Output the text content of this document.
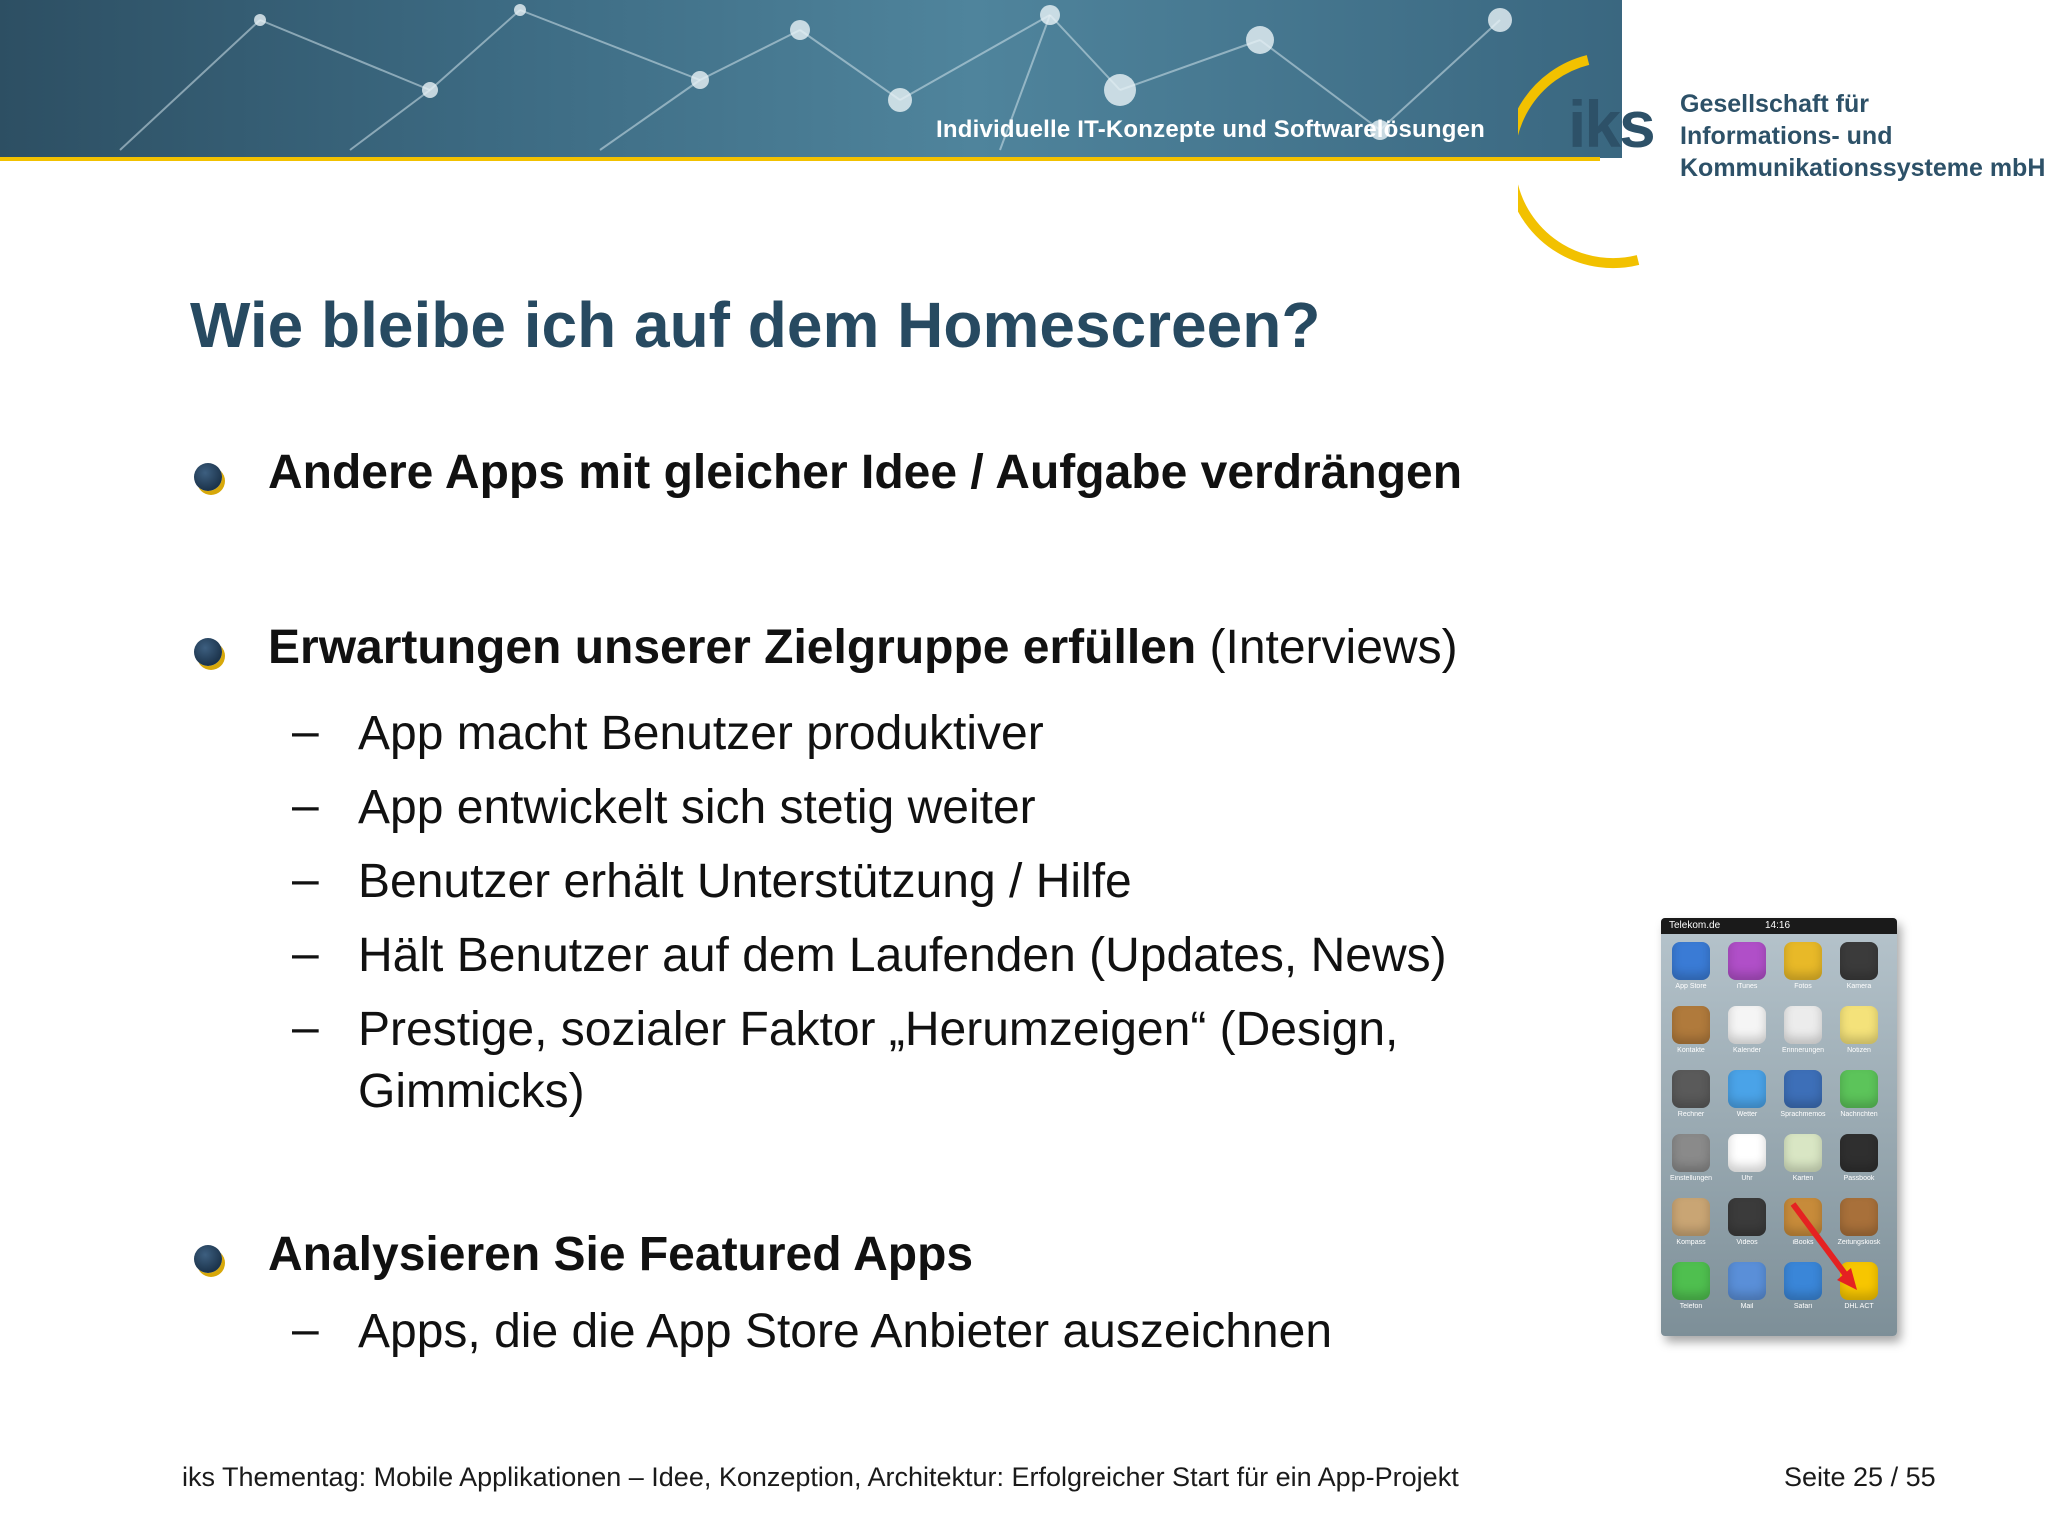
Individuelle IT-Konzepte und Softwarelösungen iks Gesellschaft für
Informations- und
Kommunikationssysteme mbH
Wie bleibe ich auf dem Homescreen?
Andere Apps mit gleicher Idee / Aufgabe verdrängen
Erwartungen unserer Zielgruppe erfüllen (Interviews)
– App macht Benutzer produktiver
– App entwickelt sich stetig weiter
– Benutzer erhält Unterstützung / Hilfe
– Hält Benutzer auf dem Laufenden (Updates, News)
– Prestige, sozialer Faktor „Herumzeigen“ (Design,
Gimmicks)
Analysieren Sie Featured Apps
– Apps, die die App Store Anbieter auszeichnen
Telekom.de	14:16
App Store	iTunes	Fotos	Kamera
Kontakte	Kalender	Erinnerungen	Notizen
Rechner	Wetter	Sprachmemos	Nachrichten
Einstellungen	Uhr	Karten	Passbook
Kompass	Videos	iBooks	Zeitungskiosk
Telefon	Mail	Safari	DHL ACT
iks Thementag: Mobile Applikationen – Idee, Konzeption, Architektur: Erfolgreicher Start für ein App-Projekt	Seite 25 / 55
